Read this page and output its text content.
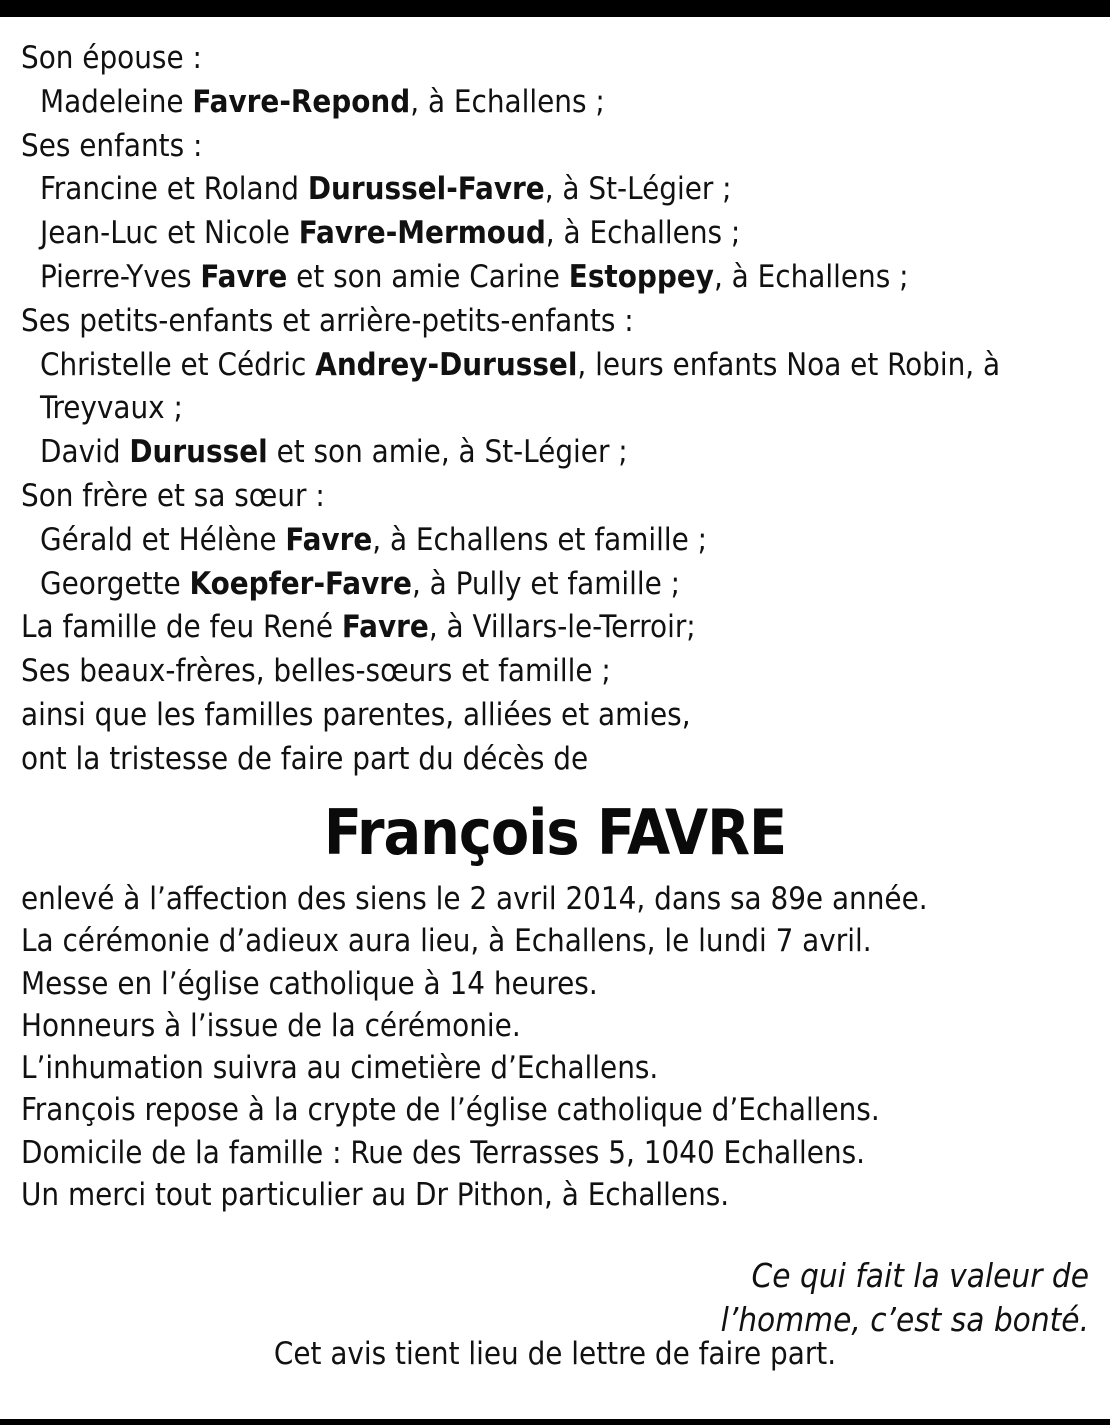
Son épouse :
Madeleine Favre-Repond, à Echallens ;
Ses enfants :
Francine et Roland Durussel-Favre, à St-Légier ;
Jean-Luc et Nicole Favre-Mermoud, à Echallens ;
Pierre-Yves Favre et son amie Carine Estoppey, à Echallens ;
Ses petits-enfants et arrière-petits-enfants :
Christelle et Cédric Andrey-Durussel, leurs enfants Noa et Robin, à Treyvaux ;
David Durussel et son amie, à St-Légier ;
Son frère et sa sœur :
Gérald et Hélène Favre, à Echallens et famille ;
Georgette Koepfer-Favre, à Pully et famille ;
La famille de feu René Favre, à Villars-le-Terroir;
Ses beaux-frères, belles-sœurs et famille ;
ainsi que les familles parentes, alliées et amies,
ont la tristesse de faire part du décès de
François FAVRE
enlevé à l’affection des siens le 2 avril 2014, dans sa 89e année.
La cérémonie d’adieux aura lieu, à Echallens, le lundi 7 avril.
Messe en l’église catholique à 14 heures.
Honneurs à l’issue de la cérémonie.
L’inhumation suivra au cimetière d’Echallens.
François repose à la crypte de l’église catholique d’Echallens.
Domicile de la famille : Rue des Terrasses 5, 1040 Echallens.
Un merci tout particulier au Dr Pithon, à Echallens.
Ce qui fait la valeur de
l’homme, c’est sa bonté.
Cet avis tient lieu de lettre de faire part.
